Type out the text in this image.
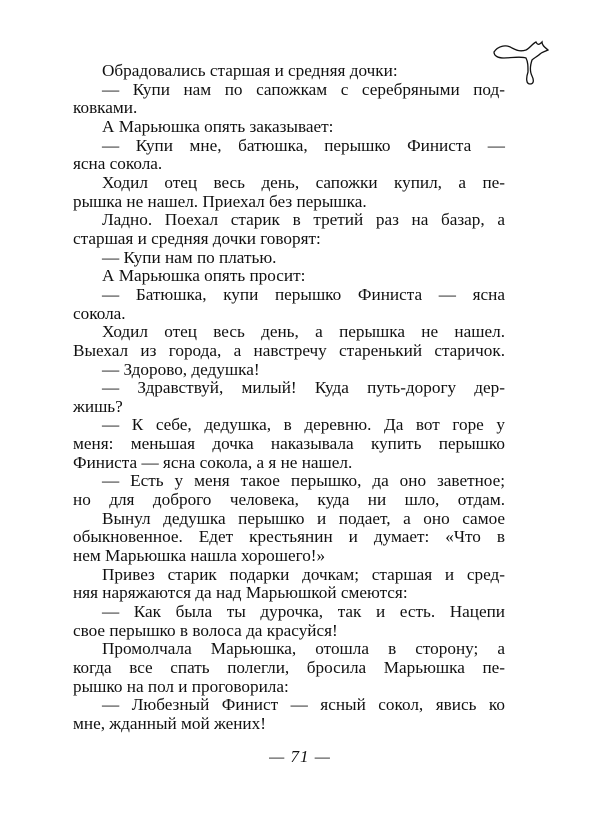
Обрадовались старшая и средняя дочки:
— Купи нам по сапожкам с серебряными под-
ковками.
А Марьюшка опять заказывает:
— Купи мне, батюшка, перышко Финиста —
ясна сокола.
Ходил отец весь день, сапожки купил, а пе-
рышка не нашел. Приехал без перышка.
Ладно. Поехал старик в третий раз на базар, а
старшая и средняя дочки говорят:
— Купи нам по платью.
А Марьюшка опять просит:
— Батюшка, купи перышко Финиста — ясна
сокола.
Ходил отец весь день, а перышка не нашел.
Выехал из города, а навстречу старенький старичок.
— Здорово, дедушка!
— Здравствуй, милый! Куда путь-дорогу дер-
жишь?
— К себе, дедушка, в деревню. Да вот горе у
меня: меньшая дочка наказывала купить перышко
Финиста — ясна сокола, а я не нашел.
— Есть у меня такое перышко, да оно заветное;
но для доброго человека, куда ни шло, отдам.
Вынул дедушка перышко и подает, а оно самое
обыкновенное. Едет крестьянин и думает: «Что в
нем Марьюшка нашла хорошего!»
Привез старик подарки дочкам; старшая и сред-
няя наряжаются да над Марьюшкой смеются:
— Как была ты дурочка, так и есть. Нацепи
свое перышко в волоса да красуйся!
Промолчала Марьюшка, отошла в сторону; а
когда все спать полегли, бросила Марьюшка пе-
рышко на пол и проговорила:
— Любезный Финист — ясный сокол, явись ко
мне, жданный мой жених!
— 71 —
